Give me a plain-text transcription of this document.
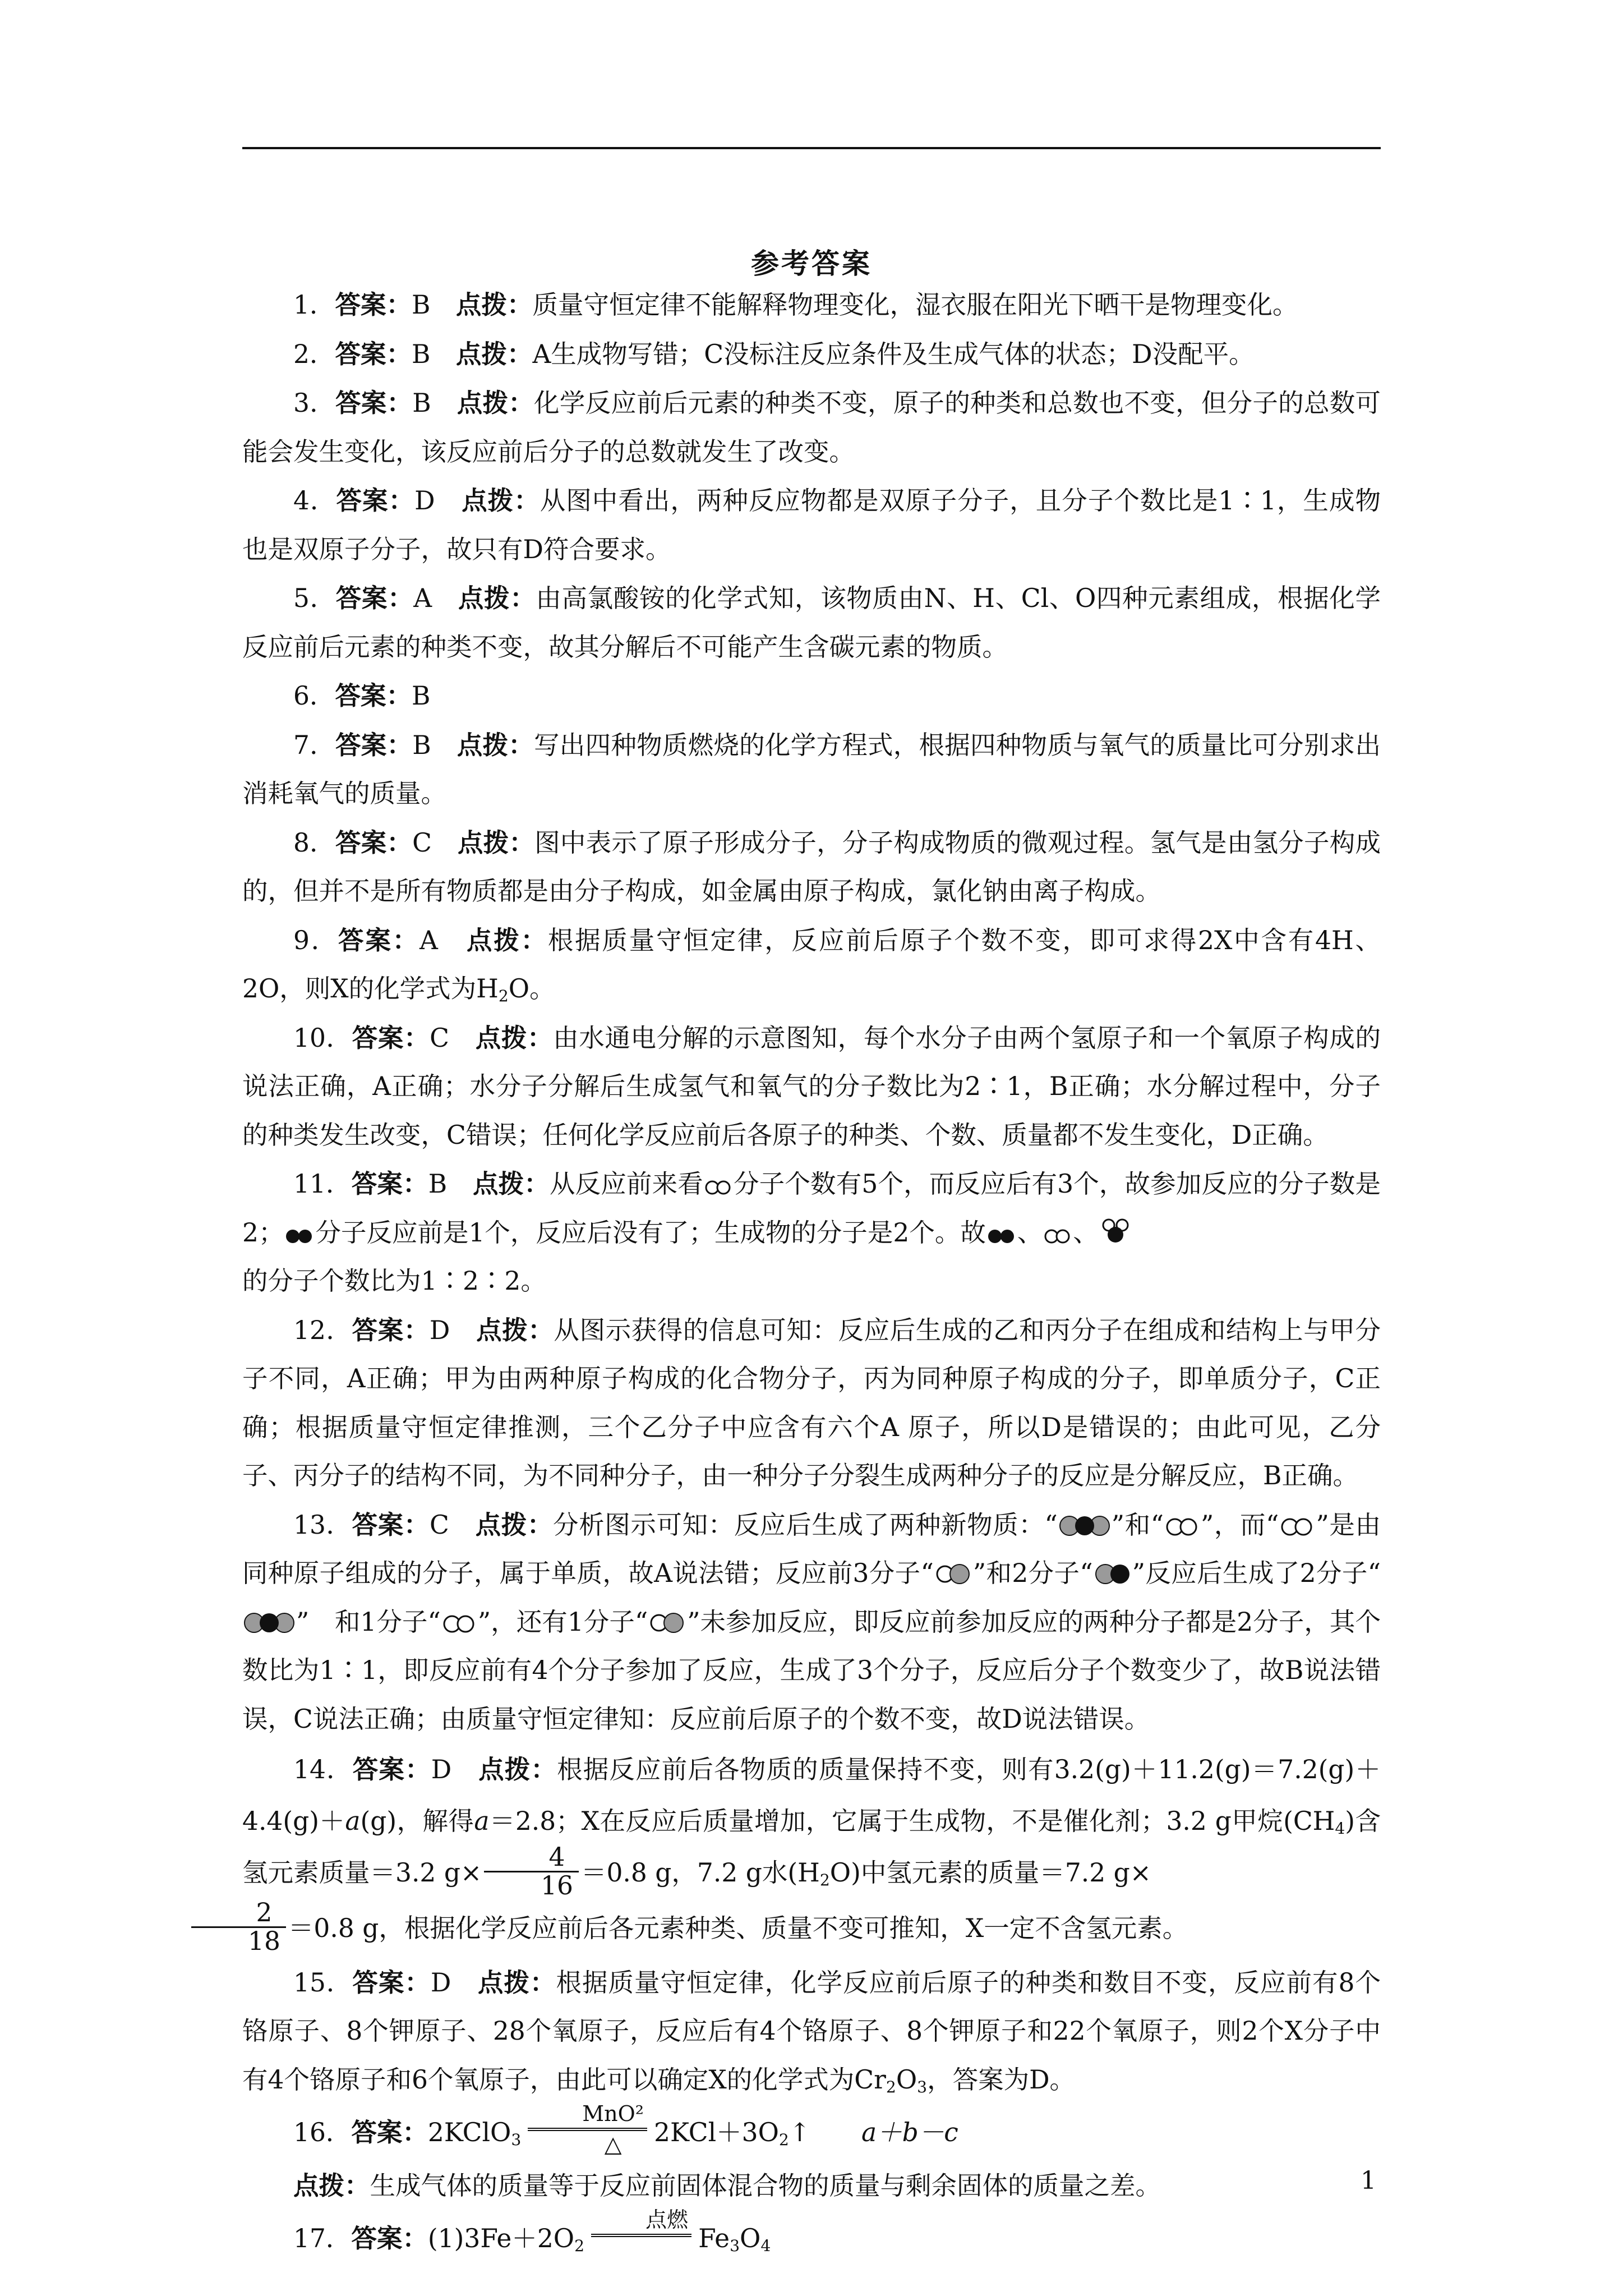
参考答案
1．答案：B　 点拨：质量守恒定律不能解释物理变化，湿衣服在阳光下晒干是物理变化。
2．答案：B　 点拨：A生成物写错；C没标注反应条件及生成气体的状态；D没配平。
3．答案：B　 点拨：化学反应前后元素的种类不变，原子的种类和总数也不变，但分子的总数可能会发生变化，该反应前后分子的总数就发生了改变。
4．答案：D　 点拨：从图中看出，两种反应物都是双原子分子，且分子个数比是1∶1，生成物也是双原子分子，故只有D符合要求。
5．答案：A　 点拨：由高氯酸铵的化学式知，该物质由N、H、Cl、O四种元素组成，根据化学反应前后元素的种类不变，故其分解后不可能产生含碳元素的物质。
6．答案：B
7．答案：B　 点拨：写出四种物质燃烧的化学方程式，根据四种物质与氧气的质量比可分别求出消耗氧气的质量。
8．答案：C　 点拨：图中表示了原子形成分子，分子构成物质的微观过程。氢气是由氢分子构成的，但并不是所有物质都是由分子构成，如金属由原子构成，氯化钠由离子构成。
9．答案：A　 点拨：根据质量守恒定律，反应前后原子个数不变，即可求得2X中含有4H、2O，则X的化学式为$H_2O$。
10．答案：C　 点拨：由水通电分解的示意图知，每个水分子由两个氢原子和一个氧原子构成的说法正确，A正确；水分子分解后生成氢气和氧气的分子数比为2∶1，B正确；水分解过程中，分子的种类发生改变，C错误；任何化学反应前后各原子的种类、个数、质量都不发生变化，D正确。
11．答案：B　 点拨：从反应前来看 分子个数有5个，而反应后有3个，故参加反应的分子数是2； 分子反应前是1个，反应后没有了；生成物的分子是2个。故 、 、
的分子个数比为1∶2∶2。
12．答案：D　 点拨：从图示获得的信息可知：反应后生成的乙和丙分子在组成和结构上与甲分子不同，A正确；甲为由两种原子构成的化合物分子，丙为同种原子构成的分子，即单质分子，C正确；根据质量守恒定律推测，三个乙分子中应含有六个A 原子，所以D是错误的；由此可见，乙分子、丙分子的结构不同，为不同种分子，由一种分子分裂生成两种分子的反应是分解反应，B正确。
13．答案：C　 点拨：分析图示可知：反应后生成了两种新物质：“ ”和“ ”，而“ ”是由同种原子组成的分子，属于单质，故A说法错；反应前3分子“ ”和2分子“ ”反应后生成了2分子“”　和1分子“ ”，还有1分子“ ”未参加反应，即反应前参加反应的两种分子都是2分子，其个数比为1∶1，即反应前有4个分子参加了反应，生成了3个分子，反应后分子个数变少了，故B说法错误，C说法正确；由质量守恒定律知：反应前后原子的个数不变，故D说法错误。
14．答案：D　 点拨：根据反应前后各物质的质量保持不变，则有3.2(g)＋11.2(g)＝7.2(g)＋4.4(g)＋a(g)，解得a＝2.8；X在反应后质量增加，它属于生成物，不是催化剂；3.2 g甲烷$(CH_4)$含氢元素质量＝3.2 $g\times \frac{4}{16} =0.8$ g，7.2 g水$(H_2O)$中氢元素的质量＝7.2 g×

$\frac{2}{18} =0.8$ g，根据化学反应前后各元素种类、质量不变可推知，X一定不含氢元素。
15．答案：D　 点拨：根据质量守恒定律，化学反应前后原子的种类和数目不变，反应前有8个铬原子、8个钾原子、28个氧原子，反应后有4个铬原子、8个钾原子和22个氧原子，则2个X分子中有4个铬原子和6个氧原子，由此可以确定X的化学式为$Cr_2O_3$，答案为D。
16．答案：2KClO$_3$
MnO²
△	$2KCl+3O_2↑$　　 a＋b－c
点拨：生成气体的质量等于反应前固体混合物的质量与剩余固体的质量之差。
17．答案：$(1)3Fe+2O_2$
点燃
$Fe_3O_4$
1
